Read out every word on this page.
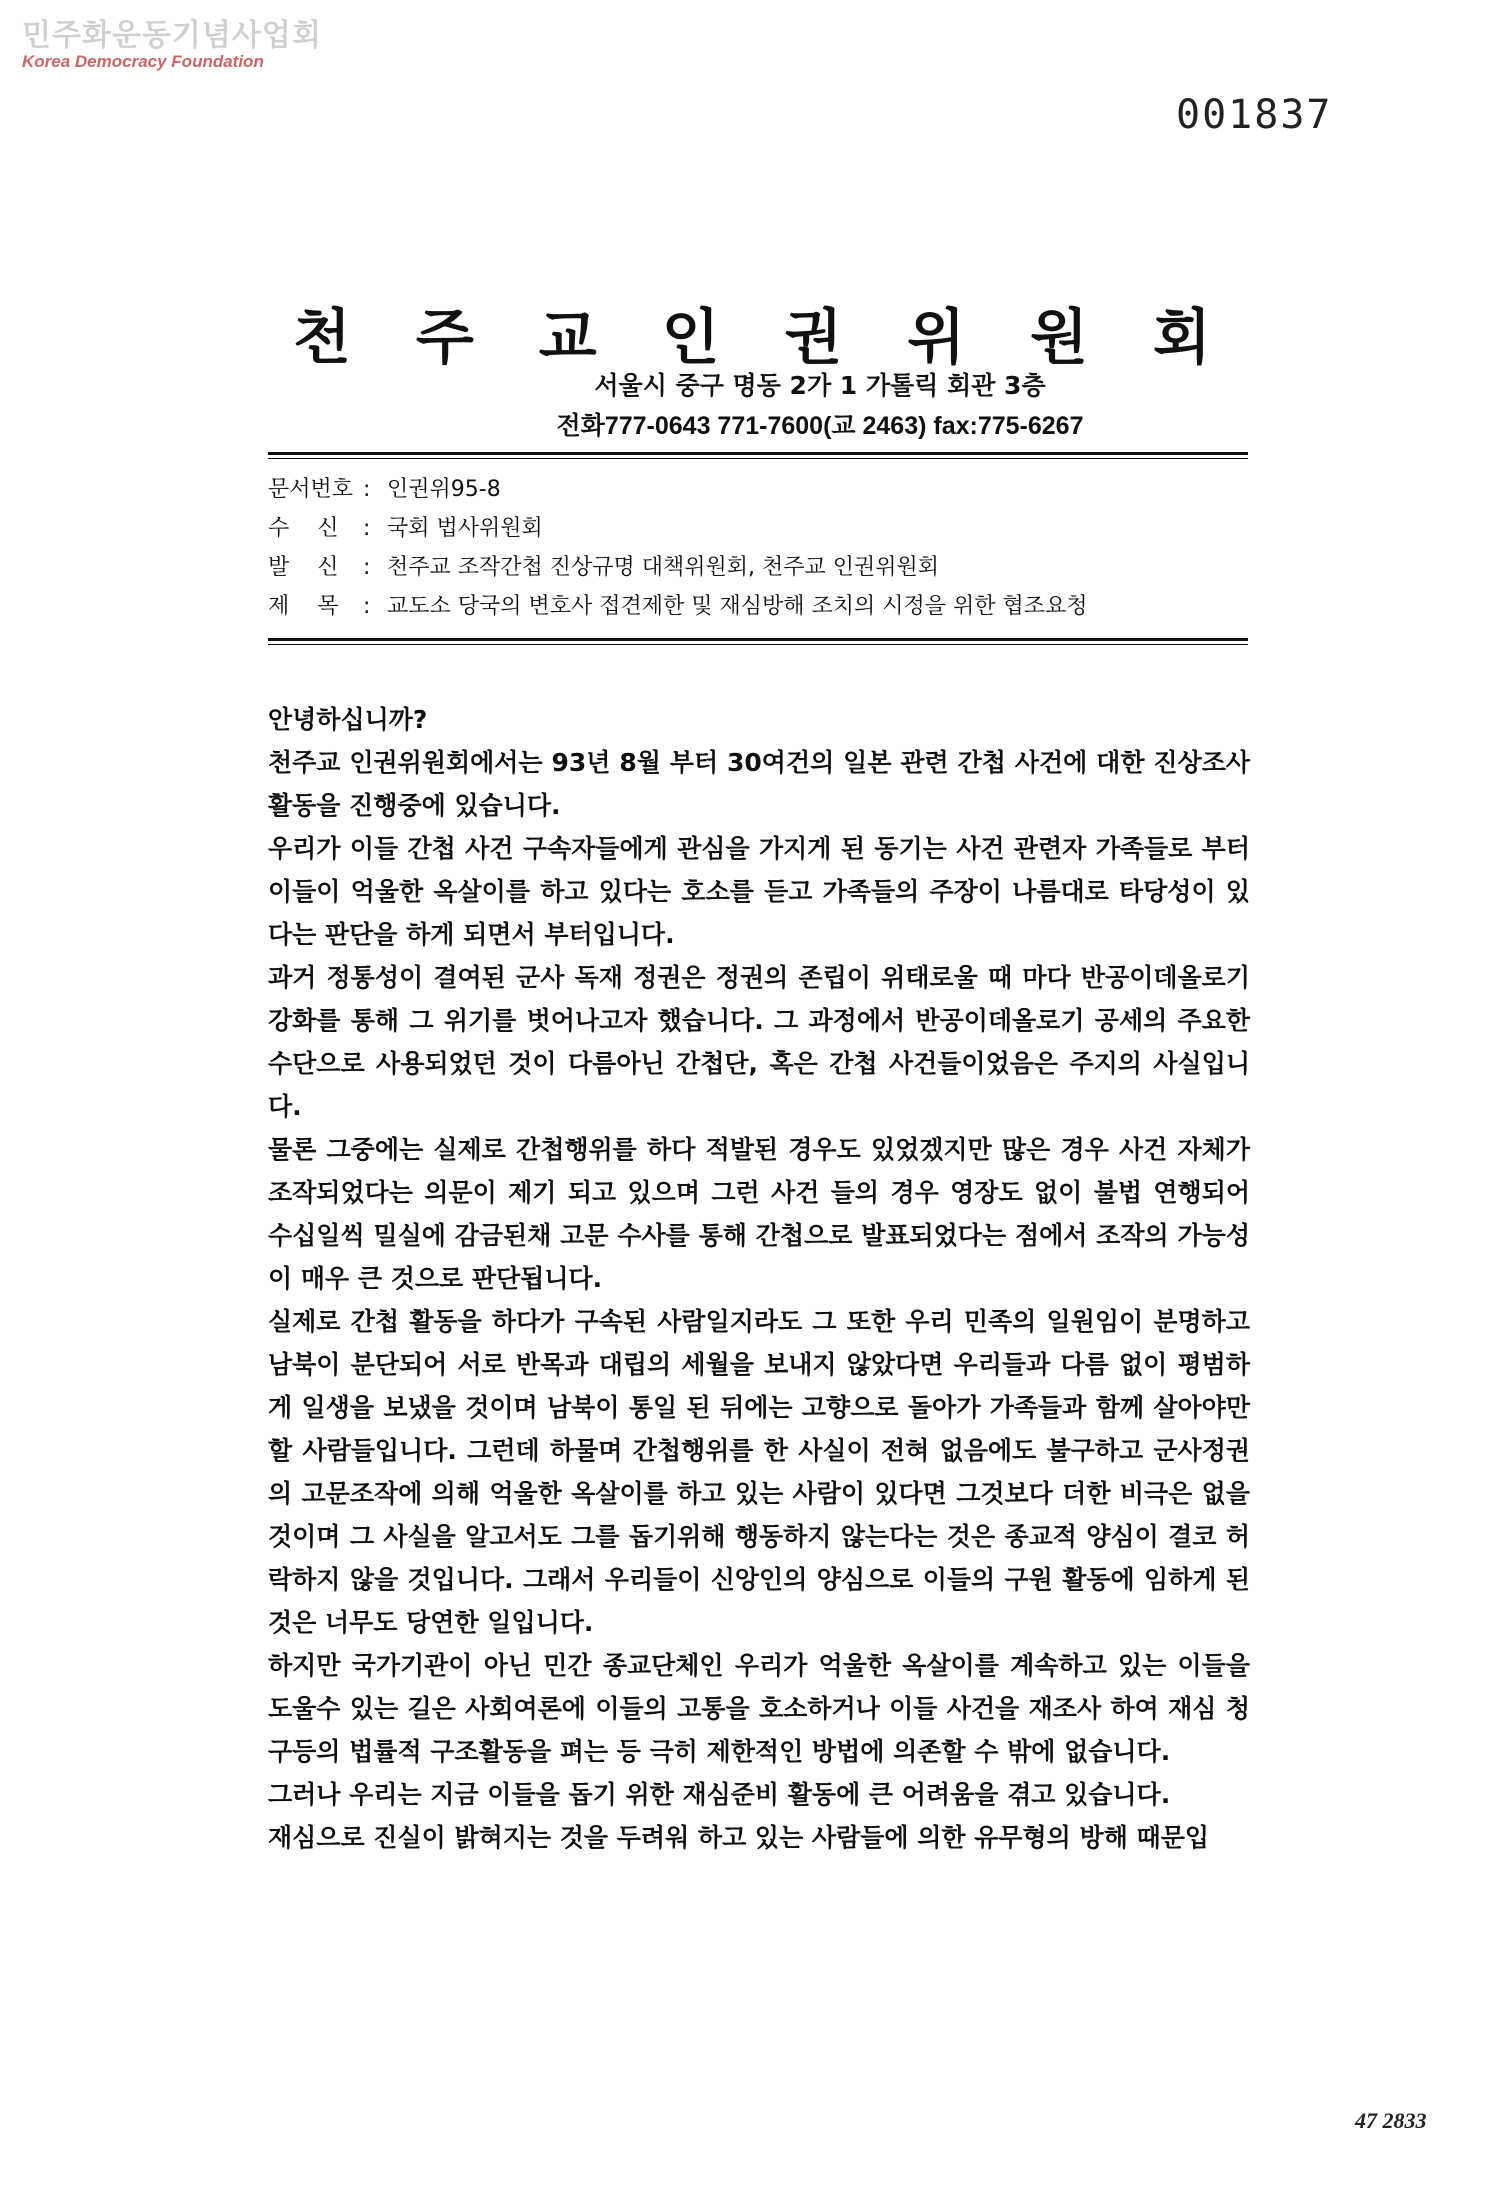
민주화운동기념사업회
Korea Democracy Foundation
001837
천 주 교 인 권 위 원 회
서울시 중구 명동 2가 1 가톨릭 회관 3층
전화777-0643 771-7600(교 2463) fax:775-6267
문서번호 : 인권위95-8
수    신	: 국회 법사위원회
발    신	: 천주교 조작간첩 진상규명 대책위원회, 천주교 인권위원회
제    목	: 교도소 당국의 변호사 접견제한 및 재심방해 조치의 시정을 위한 협조요청

안녕하십니까?

천주교 인권위원회에서는 93년 8월 부터 30여건의 일본 관련 간첩 사건에 대한 진상조사 활동을 진행중에 있습니다.

우리가 이들 간첩 사건 구속자들에게 관심을 가지게 된 동기는 사건 관련자 가족들로 부터 이들이 억울한 옥살이를 하고 있다는 호소를 듣고 가족들의 주장이 나름대로 타당성이 있다는 판단을 하게 되면서 부터입니다.

과거 정통성이 결여된 군사 독재 정권은 정권의 존립이 위태로울 때 마다 반공이데올로기 강화를 통해 그 위기를 벗어나고자 했습니다. 그 과정에서 반공이데올로기 공세의 주요한 수단으로 사용되었던 것이 다름아닌 간첩단, 혹은 간첩 사건들이었음은 주지의 사실입니다.

물론 그중에는 실제로 간첩행위를 하다 적발된 경우도 있었겠지만 많은 경우 사건 자체가 조작되었다는 의문이 제기 되고 있으며 그런 사건 들의 경우 영장도 없이 불법 연행되어 수십일씩 밀실에 감금된채 고문 수사를 통해 간첩으로 발표되었다는 점에서 조작의 가능성이 매우 큰 것으로 판단됩니다.

실제로 간첩 활동을 하다가 구속된 사람일지라도 그 또한 우리 민족의 일원임이 분명하고 남북이 분단되어 서로 반목과 대립의 세월을 보내지 않았다면 우리들과 다름 없이 평범하게 일생을 보냈을 것이며 남북이 통일 된 뒤에는 고향으로 돌아가 가족들과 함께 살아야만 할 사람들입니다. 그런데 하물며 간첩행위를 한 사실이 전혀 없음에도 불구하고 군사정권의 고문조작에 의해 억울한 옥살이를 하고 있는 사람이 있다면 그것보다 더한 비극은 없을 것이며 그 사실을 알고서도 그를 돕기위해 행동하지 않는다는 것은 종교적 양심이 결코 허락하지 않을 것입니다. 그래서 우리들이 신앙인의 양심으로 이들의 구원 활동에 임하게 된 것은 너무도 당연한 일입니다.

하지만 국가기관이 아닌 민간 종교단체인 우리가 억울한 옥살이를 계속하고 있는 이들을 도울수 있는 길은 사회여론에 이들의 고통을 호소하거나 이들 사건을 재조사 하여 재심 청구등의 법률적 구조활동을 펴는 등 극히 제한적인 방법에 의존할 수 밖에 없습니다.

그러나 우리는 지금 이들을 돕기 위한 재심준비 활동에 큰 어려움을 겪고 있습니다.

재심으로 진실이 밝혀지는 것을 두려워 하고 있는 사람들에 의한 유무형의 방해 때문입

47 2833
